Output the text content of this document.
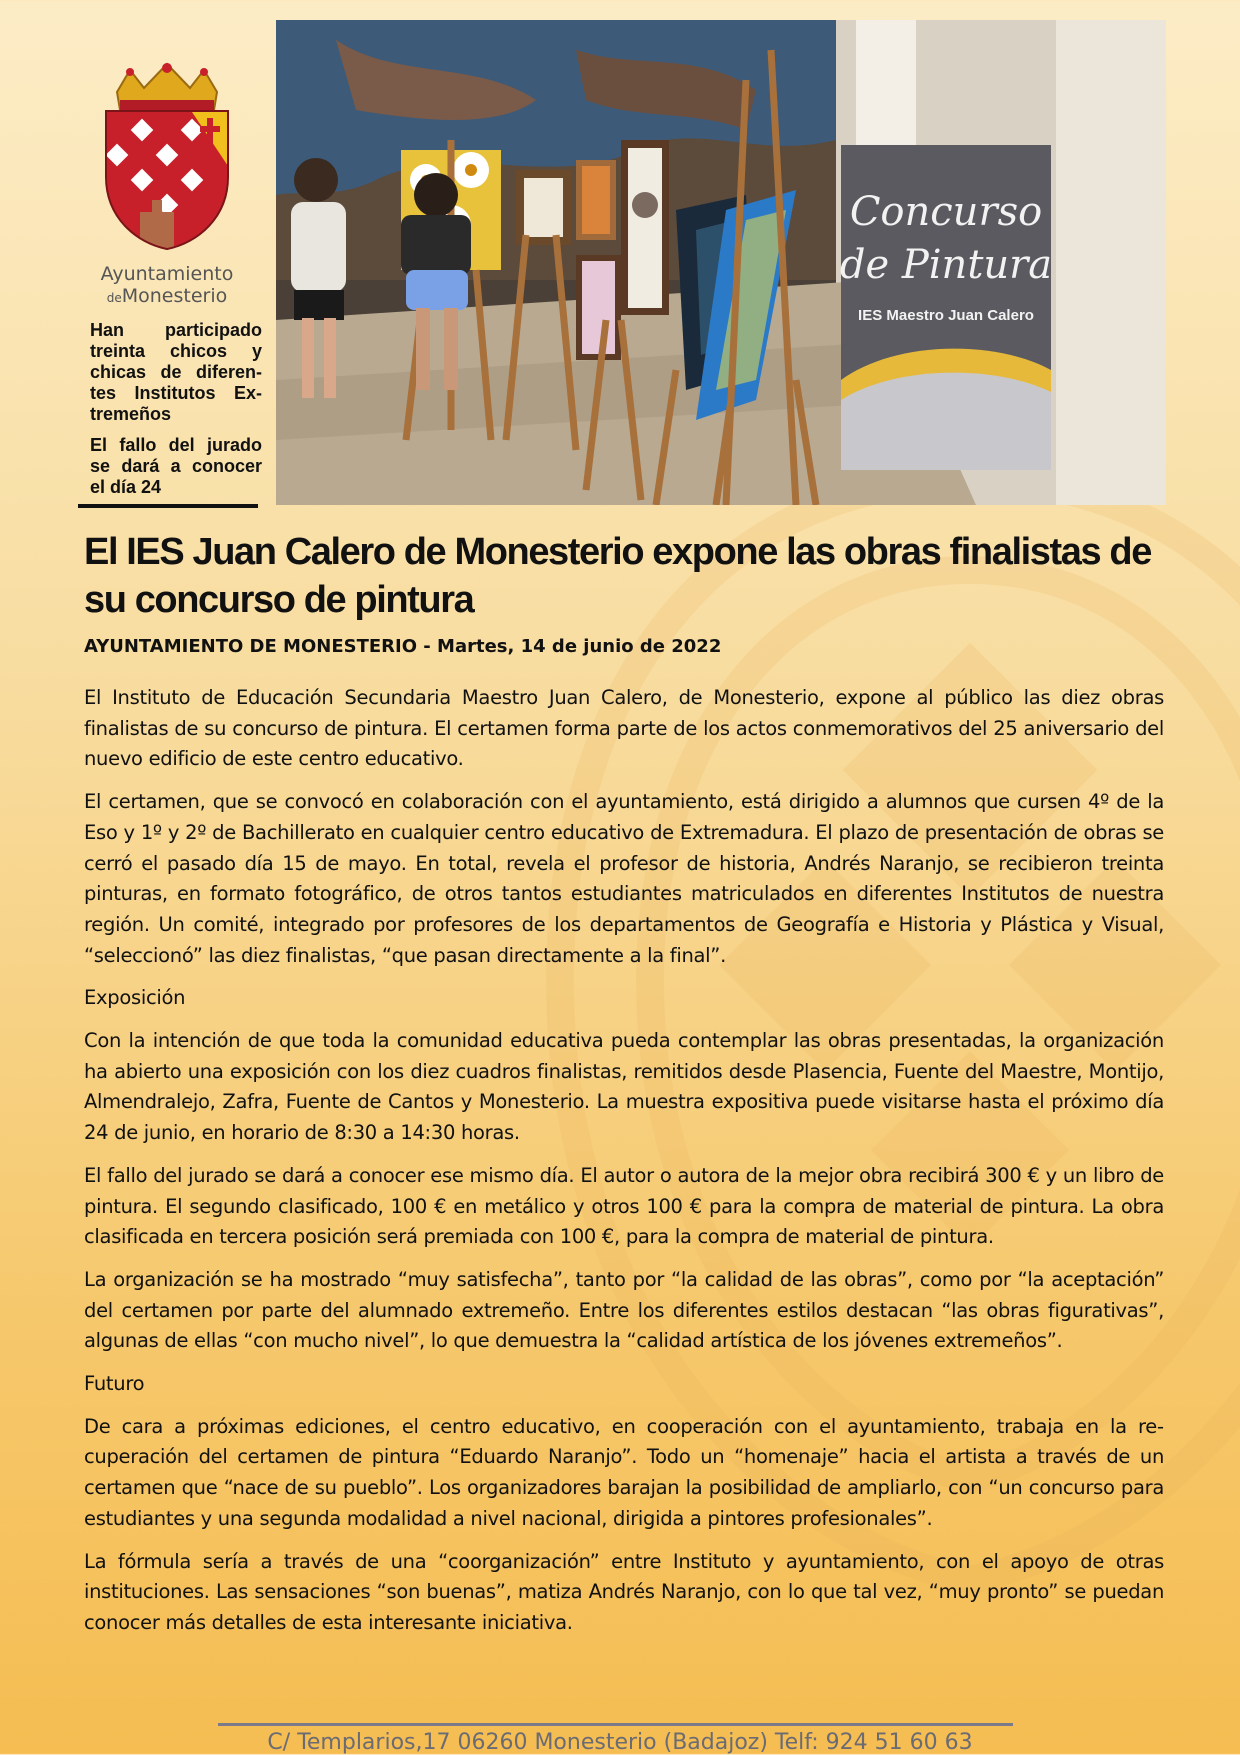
Ayuntamiento
deMonesterio

Han participado treinta chicos y chicas de diferentes Institutos Extremeños

El fallo del jurado se dará a conocer el día 24

Concurso
de Pintura
IES Maestro Juan Calero
El IES Juan Calero de Monesterio expone las obras finalistas de su concurso de pintura
AYUNTAMIENTO DE MONESTERIO - Martes, 14 de junio de 2022

El Instituto de Educación Secundaria Maestro Juan Calero, de Monesterio, expone al público las diez obras finalistas de su concurso de pintura. El certamen forma parte de los actos conmemorativos del 25 aniversario del nuevo edificio de este centro educativo.

El certamen, que se convocó en colaboración con el ayuntamiento, está dirigido a alumnos que cursen 4º de la Eso y 1º y 2º de Bachillerato en cualquier centro educativo de Extremadura. El plazo de presentación de obras se cerró el pasado día 15 de mayo. En total, revela el profesor de historia, Andrés Naranjo, se recibieron treinta pinturas, en formato fotográfico, de otros tantos estudiantes matriculados en diferentes Institutos de nuestra región. Un comité, integrado por profesores de los departamentos de Geografía e Historia y Plástica y Visual, “seleccionó” las diez finalistas, “que pasan directamente a la final”.

Exposición

Con la intención de que toda la comunidad educativa pueda contemplar las obras presentadas, la organización ha abierto una exposición con los diez cuadros finalistas, remitidos desde Plasencia, Fuente del Maestre, Montijo, Almendralejo, Zafra, Fuente de Cantos y Monesterio. La muestra expositiva puede visitarse hasta el próximo día 24 de junio, en horario de 8:30 a 14:30 horas.

El fallo del jurado se dará a conocer ese mismo día. El autor o autora de la mejor obra recibirá 300 € y un libro de pintura. El segundo clasificado, 100 € en metálico y otros 100 € para la compra de material de pintura. La obra clasificada en tercera posición será premiada con 100 €, para la compra de material de pintura.

La organización se ha mostrado “muy satisfecha”, tanto por “la calidad de las obras”, como por “la aceptación” del certamen por parte del alumnado extremeño. Entre los diferentes estilos destacan “las obras figurativas”, algunas de ellas “con mucho nivel”, lo que demuestra la “calidad artística de los jóvenes extremeños”.

Futuro

De cara a próximas ediciones, el centro educativo, en cooperación con el ayuntamiento, trabaja en la recuperación del certamen de pintura “Eduardo Naranjo”. Todo un “homenaje” hacia el artista a través de un certamen que “nace de su pueblo”. Los organizadores barajan la posibilidad de ampliarlo, con “un concurso para estudiantes y una segunda modalidad a nivel nacional, dirigida a pintores profesionales”.

La fórmula sería a través de una “coorganización” entre Instituto y ayuntamiento, con el apoyo de otras instituciones. Las sensaciones “son buenas”, matiza Andrés Naranjo, con lo que tal vez, “muy pronto” se puedan conocer más detalles de esta interesante iniciativa.

C/ Templarios,17 06260 Monesterio (Badajoz) Telf: 924 51 60 63
